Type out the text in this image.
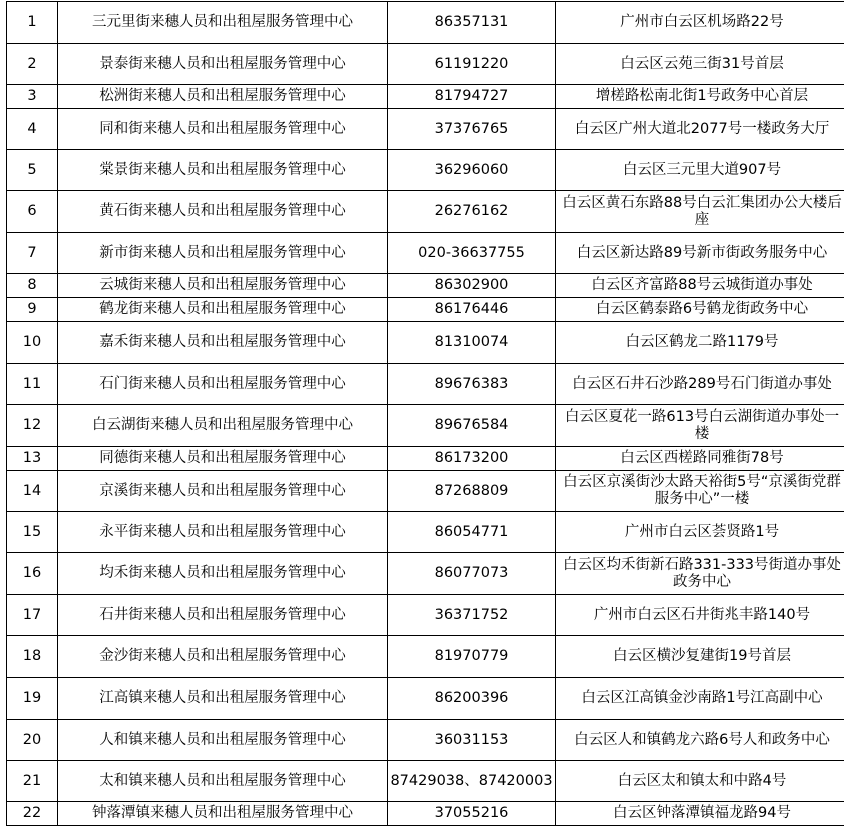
1	三元里街来穗人员和出租屋服务管理中心	86357131	广州市白云区机场路22号
2	景泰街来穗人员和出租屋服务管理中心	61191220	白云区云苑三街31号首层
3	松洲街来穗人员和出租屋服务管理中心	81794727	增槎路松南北街1号政务中心首层
4	同和街来穗人员和出租屋服务管理中心	37376765	白云区广州大道北2077号一楼政务大厅
5	棠景街来穗人员和出租屋服务管理中心	36296060	白云区三元里大道907号
6	黄石街来穗人员和出租屋服务管理中心	26276162	白云区黄石东路88号白云汇集团办公大楼后座
7	新市街来穗人员和出租屋服务管理中心	020-36637755	白云区新达路89号新市街政务服务中心
8	云城街来穗人员和出租屋服务管理中心	86302900	白云区齐富路88号云城街道办事处
9	鹤龙街来穗人员和出租屋服务管理中心	86176446	白云区鹤泰路6号鹤龙街政务中心
10	嘉禾街来穗人员和出租屋服务管理中心	81310074	白云区鹤龙二路1179号
11	石门街来穗人员和出租屋服务管理中心	89676383	白云区石井石沙路289号石门街道办事处
12	白云湖街来穗人员和出租屋服务管理中心	89676584	白云区夏花一路613号白云湖街道办事处一楼
13	同德街来穗人员和出租屋服务管理中心	86173200	白云区西槎路同雅街78号
14	京溪街来穗人员和出租屋服务管理中心	87268809	白云区京溪街沙太路天裕街5号“京溪街党群服务中心”一楼
15	永平街来穗人员和出租屋服务管理中心	86054771	广州市白云区荟贤路1号
16	均禾街来穗人员和出租屋服务管理中心	86077073	白云区均禾街新石路331-333号街道办事处政务中心
17	石井街来穗人员和出租屋服务管理中心	36371752	广州市白云区石井街兆丰路140号
18	金沙街来穗人员和出租屋服务管理中心	81970779	白云区横沙复建街19号首层
19	江高镇来穗人员和出租屋服务管理中心	86200396	白云区江高镇金沙南路1号江高副中心
20	人和镇来穗人员和出租屋服务管理中心	36031153	白云区人和镇鹤龙六路6号人和政务中心
21	太和镇来穗人员和出租屋服务管理中心	87429038、87420003	白云区太和镇太和中路4号
22	钟落潭镇来穗人员和出租屋服务管理中心	37055216	白云区钟落潭镇福龙路94号
